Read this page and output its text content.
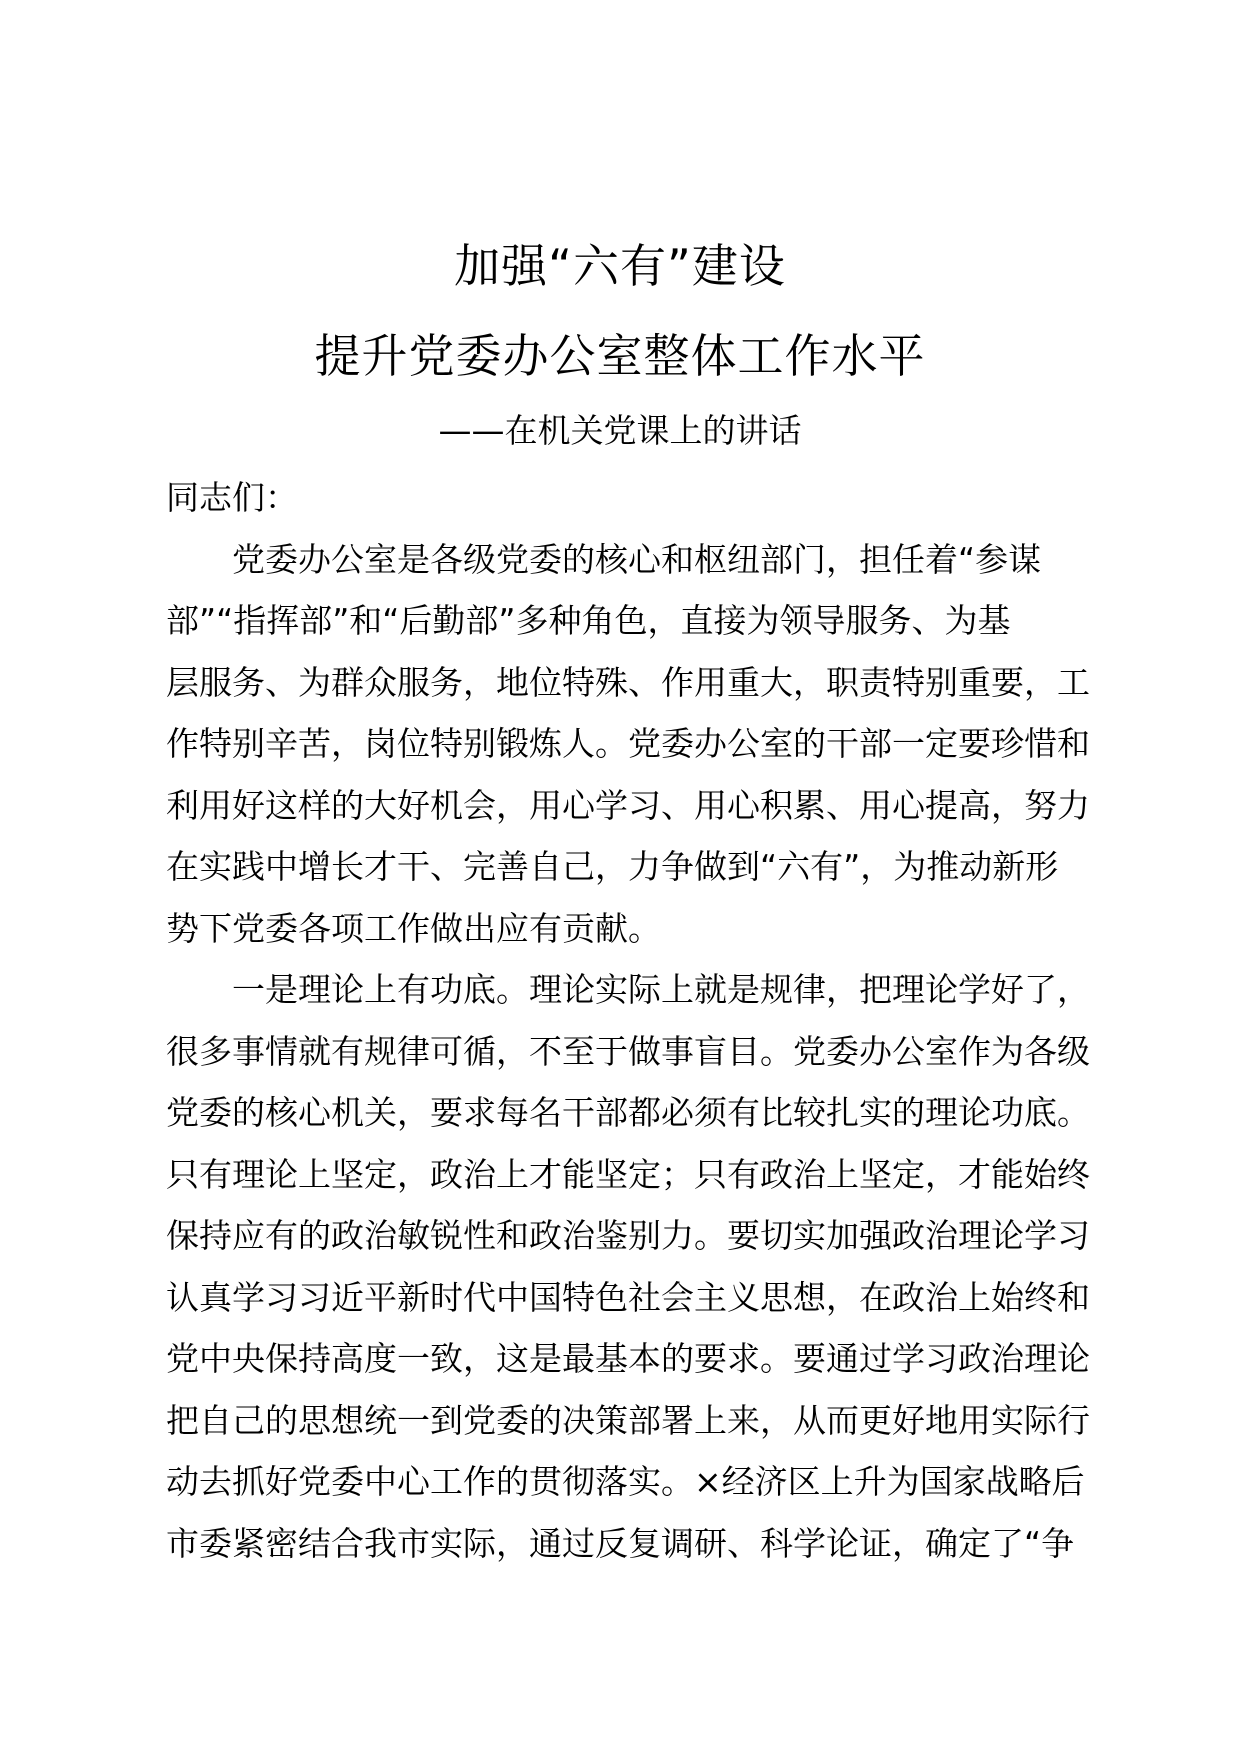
加强“六有”建设
提升党委办公室整体工作水平
——在机关党课上的讲话

同志们：

党委办公室是各级党委的核心和枢纽部门，担任着“参谋
部”“指挥部”和“后勤部”多种角色，直接为领导服务、为基
层服务、为群众服务，地位特殊、作用重大，职责特别重要，工
作特别辛苦，岗位特别锻炼人。党委办公室的干部一定要珍惜和
利用好这样的大好机会，用心学习、用心积累、用心提高，努力
在实践中增长才干、完善自己，力争做到“六有”，为推动新形
势下党委各项工作做出应有贡献。
一是理论上有功底。理论实际上就是规律，把理论学好了，
很多事情就有规律可循，不至于做事盲目。党委办公室作为各级
党委的核心机关，要求每名干部都必须有比较扎实的理论功底。
只有理论上坚定，政治上才能坚定；只有政治上坚定，才能始终
保持应有的政治敏锐性和政治鉴别力。要切实加强政治理论学习
认真学习习近平新时代中国特色社会主义思想，在政治上始终和
党中央保持高度一致，这是最基本的要求。要通过学习政治理论
把自己的思想统一到党委的决策部署上来，从而更好地用实际行
动去抓好党委中心工作的贯彻落实。×经济区上升为国家战略后
市委紧密结合我市实际，通过反复调研、科学论证，确定了“争
